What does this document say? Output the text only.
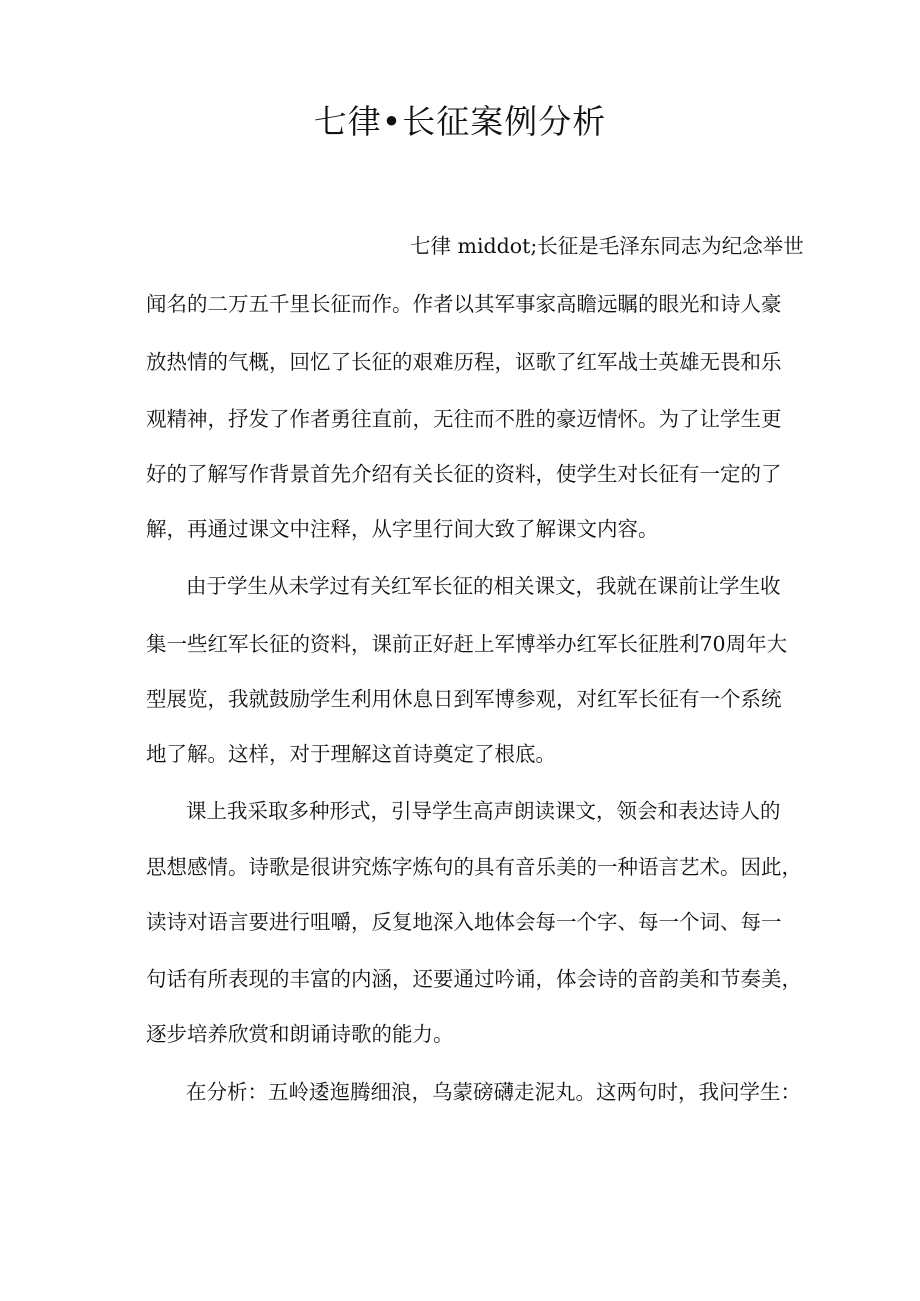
七律•长征案例分析

七律 middot;长征是毛泽东同志为纪念举世

闻名的二万五千里长征而作。作者以其军事家高瞻远瞩的眼光和诗人豪

放热情的气概，回忆了长征的艰难历程，讴歌了红军战士英雄无畏和乐

观精神，抒发了作者勇往直前，无往而不胜的豪迈情怀。为了让学生更

好的了解写作背景首先介绍有关长征的资料，使学生对长征有一定的了

解，再通过课文中注释，从字里行间大致了解课文内容。

由于学生从未学过有关红军长征的相关课文，我就在课前让学生收

集一些红军长征的资料，课前正好赶上军博举办红军长征胜利70周年大

型展览，我就鼓励学生利用休息日到军博参观，对红军长征有一个系统

地了解。这样，对于理解这首诗奠定了根底。

课上我采取多种形式，引导学生高声朗读课文，领会和表达诗人的

思想感情。诗歌是很讲究炼字炼句的具有音乐美的一种语言艺术。因此，

读诗对语言要进行咀嚼，反复地深入地体会每一个字、每一个词、每一

句话有所表现的丰富的内涵，还要通过吟诵，体会诗的音韵美和节奏美，

逐步培养欣赏和朗诵诗歌的能力。

在分析：五岭逶迤腾细浪，乌蒙磅礴走泥丸。这两句时，我问学生：
